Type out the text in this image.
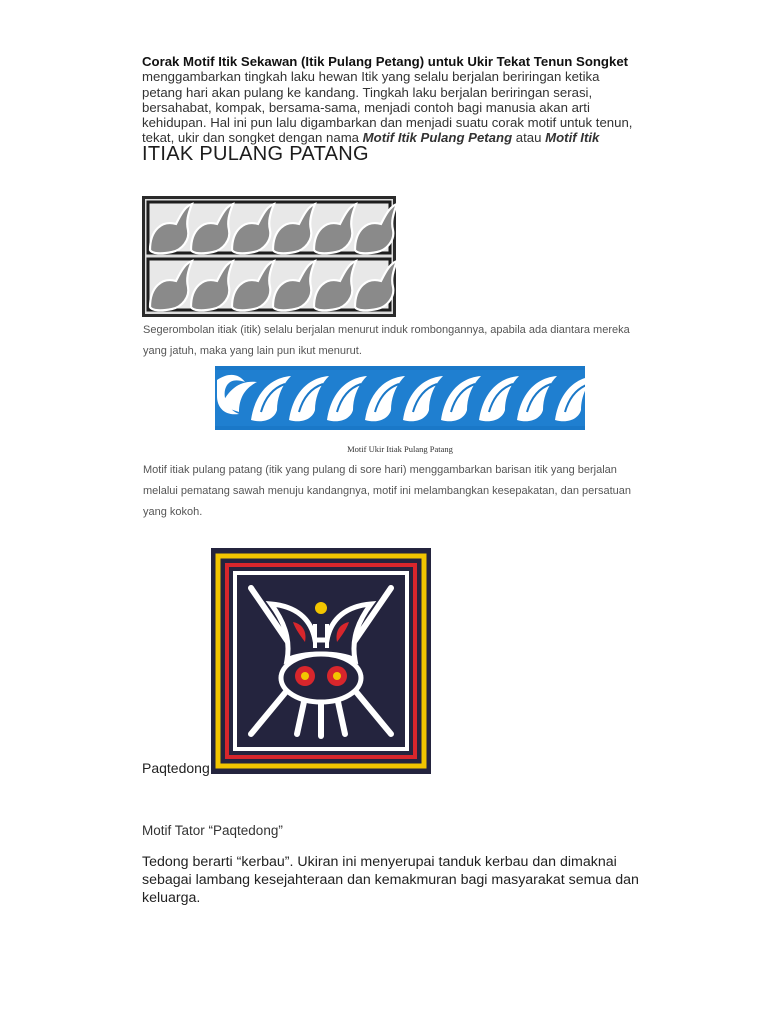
Corak Motif Itik Sekawan (Itik Pulang Petang) untuk Ukir Tekat Tenun Songket menggambarkan tingkah laku hewan Itik yang selalu berjalan beriringan ketika petang hari akan pulang ke kandang. Tingkah laku berjalan beriringan serasi, bersahabat, kompak, bersama-sama, menjadi contoh bagi manusia akan arti kehidupan. Hal ini pun lalu digambarkan dan menjadi suatu corak motif untuk tenun, tekat, ukir dan songket dengan nama Motif Itik Pulang Petang atau Motif Itik
ITIAK PULANG PATANG
Segerombolan itiak (itik) selalu berjalan menurut induk rombongannya, apabila ada diantara mereka yang jatuh, maka yang lain pun ikut menurut.
Motif Ukir Itiak Pulang Patang
Motif itiak pulang patang (itik yang pulang di sore hari) menggambarkan barisan itik yang berjalan melalui pematang sawah menuju kandangnya, motif ini melambangkan kesepakatan, dan persatuan yang kokoh.
Paqtedong
Motif Tator “Paqtedong”
Tedong berarti “kerbau”. Ukiran ini menyerupai tanduk kerbau dan dimaknai sebagai lambang kesejahteraan dan kemakmuran bagi masyarakat semua dan keluarga.
